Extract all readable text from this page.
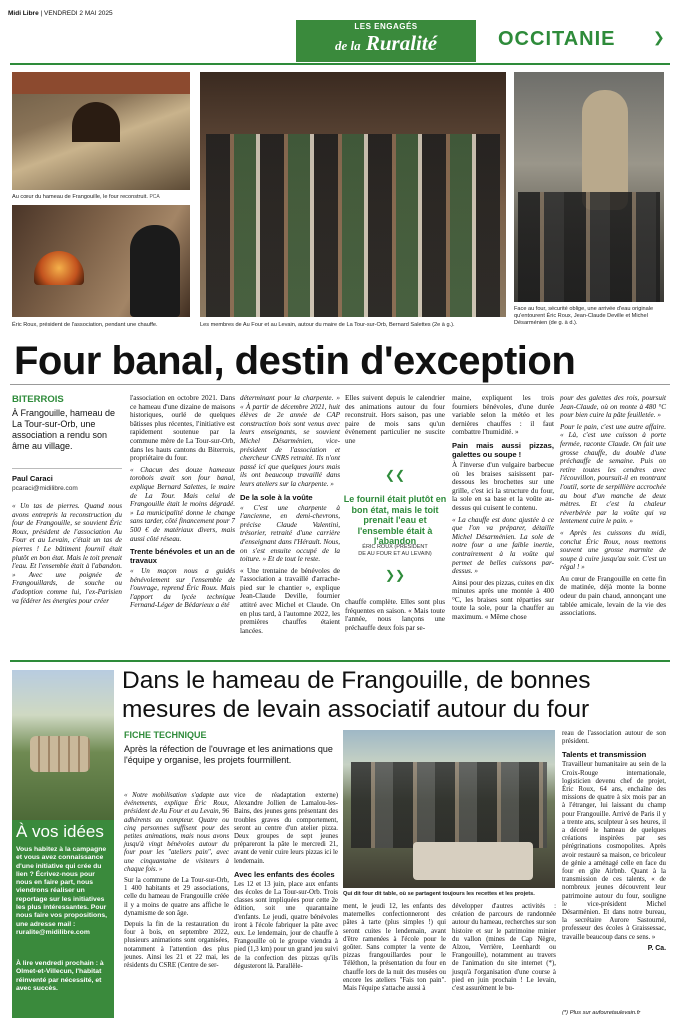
Midi Libre | VENDREDI 2 MAI 2025
LES ENGAGÉS
de la Ruralité	OCCITANIE	❯
Au cœur du hameau de Frangouille, le four reconstruit. PCA
Éric Roux, président de l'association, pendant une chauffe.	Les membres de Au Four et au Levain, autour du maire de La Tour-sur-Orb, Bernard Salettes (2e à g.).
Face au four, sécurité oblige, une arrivée d'eau originale qu'entourent Éric Roux, Jean-Claude Deville et Michel Désarménien (de g. à d.).
Four banal, destin d'exception
BITERROIS
À Frangouille, hameau de La Tour-sur-Orb, une association a rendu son âme au village.
Paul Caraci
pcaraci@midilibre.com

« Un tas de pierres. Quand nous avons entrepris la reconstruction du four de Frangouille, se souvient Éric Roux, président de l'association Au Four et au Levain, c'était un tas de pierres ! Le bâtiment fournil était plutôt en bon état. Mais le toit prenait l'eau. Et l'ensemble était à l'abandon. » Avec une poignée de Frangouillards, de souche ou d'adoption comme lui, l'ex-Parisien va fédérer les énergies pour créer

l'association en octobre 2021. Dans ce hameau d'une dizaine de maisons historiques, ourlé de quelques bâtisses plus récentes, l'initiative est rapidement soutenue par la commune mère de La Tour-sur-Orb, dans les hauts cantons du Biterrois, propriétaire du four.

« Chacun des douze hameaux torobois avait son four banal, explique Bernard Salettes, le maire de La Tour. Mais celui de Frangouille était le moins dégradé. » La municipalité donne le change sans tarder, côté financement pour 7 500 € de matériaux divers, mais aussi côté réseau.

Trente bénévoles et un an de travaux

« Un maçon nous a guidés bénévolement sur l'ensemble de l'ouvrage, reprend Éric Roux. Mais l'apport du lycée technique Fernand-Léger de Bédarieux a été

déterminant pour la charpente. » « À partir de décembre 2021, huit élèves de 2e année de CAP construction bois sont venus avec leurs enseignants, se souvient Michel Désarménien, vice-président de l'association et chercheur CNRS retraité. Ils n'ont passé ici que quelques jours mais ils ont beaucoup travaillé dans leurs ateliers sur la charpente. »

De la sole à la voûte

« C'est une charpente à l'ancienne, en demi-chevrons, précise Claude Valentini, trésorier, retraité d'une carrière d'enseignant dans l'Hérault. Nous, on s'est ensuite occupé de la toiture. » Et de tout le reste.

« Une trentaine de bénévoles de l'association a travaillé d'arrache-pied sur le chantier », explique Jean-Claude Deville, fournier attitré avec Michel et Claude. On en plus tard, à l'automne 2022, les premières chauffes étaient lancées.

Elles suivent depuis le calendrier des animations autour du four reconstruit. Hors saison, pas une paire de mois sans qu'un évènement particulier ne suscite une

❮❮
Le fournil était plutôt en bon état, mais le toit prenait l'eau et l'ensemble était à l'abandon
ÉRIC ROUX (PRÉSIDENT
DE AU FOUR ET AU LEVAIN)
❯❯

chauffe complète. Elles sont plus fréquentes en saison. « Mais toute l'année, nous lançons une préchauffe deux fois par se-

maine, expliquent les trois fourniers bénévoles, d'une durée variable selon la météo et les dernières chauffes : il faut combattre l'humidité. »

Pain mais aussi pizzas, galettes ou soupe !

À l'inverse d'un vulgaire barbecue où les braises saisissent par-dessous les brochettes sur une grille, c'est ici la structure du four, la sole en sa base et la voûte au-dessus qui cuisent le contenu.

« La chauffe est donc ajustée à ce que l'on va préparer, détaille Michel Désarménien. La sole de notre four a une faible inertie, contrairement à la voûte qui permet de belles cuissons par-dessus. »

Ainsi pour des pizzas, cuites en dix minutes après une montée à 400 °C, les braises sont réparties sur toute la sole, pour la chauffer au maximum. « Même chose

pour des galettes des rois, poursuit Jean-Claude, où on monte à 480 °C pour bien cuire la pâte feuilletée. »

Pour le pain, c'est une autre affaire. « Là, c'est une cuisson à porte fermée, raconte Claude. On fait une grosse chauffe, du double d'une préchauffe de semaine. Puis on retire toutes les cendres avec l'écouvillon, poursuit-il en montrant l'outil, sorte de serpillière accrochée au bout d'un manche de deux mètres. Et c'est la chaleur réverbérée par la voûte qui va lentement cuire le pain. »

« Après les cuissons du midi, conclut Éric Roux, nous mettons souvent une grosse marmite de soupe à cuire jusqu'au soir. C'est un régal ! »

Au cœur de Frangouille en cette fin de matinée, déjà monte la bonne odeur du pain chaud, annonçant une tablée amicale, levain de la vie des associations.

À vos idées
Vous habitez à la campagne et vous avez connaissance d'une initiative qui crée du lien ? Écrivez-nous pour nous en faire part, nous viendrons réaliser un reportage sur les initiatives les plus intéressantes. Pour nous faire vos propositions, une adresse mail : ruralite@midilibre.com
À lire vendredi prochain : à Olmet-et-Villecun, l'habitat réinventé par nécessité, et avec succès.
Dans le hameau de Frangouille, de bonnes mesures de levain associatif autour du four
FICHE TECHNIQUE
Après la réfection de l'ouvrage et les animations que l'équipe y organise, les projets fourmillent.

« Notre mobilisation s'adapte aux événements, explique Éric Roux, président de Au Four et au Levain, 96 adhérents au compteur. Quatre ou cinq personnes suffisent pour des petites animations, mais nous avons jusqu'à vingt bénévoles autour du four pour les "ateliers pain", avec une cinquantaine de visiteurs à chaque fois. »

Sur la commune de La Tour-sur-Orb, 1 400 habitants et 29 associations, celle du hameau de Frangouille créée il y a moins de quatre ans affiche le dynamisme de son âge.

Depuis la fin de la restauration du four à bois, en septembre 2022, plusieurs animations sont organisées, notamment à l'attention des plus jeunes. Ainsi les 21 et 22 mai, les résidents du CSRE (Centre de ser-

vice de réadaptation externe) Alexandre Jollien de Lamalou-les-Bains, des jeunes gens présentant des troubles graves du comportement, seront au centre d'un atelier pizza. Deux groupes de sept jeunes prépareront la pâte le mercredi 21, avant de venir cuire leurs pizzas ici le lendemain.

Avec les enfants des écoles

Les 12 et 13 juin, place aux enfants des écoles de La Tour-sur-Orb. Trois classes sont impliquées pour cette 2e édition, soit une quarantaine d'enfants. Le jeudi, quatre bénévoles iront à l'école fabriquer la pâte avec eux. Le lendemain, jour de chauffe à Frangouille où le groupe viendra à pied (1,3 km) pour un grand jeu suivi de la confection des pizzas qu'ils dégusteront là. Parallèle-

Qui dit four dit table, où se partagent toujours les recettes et les projets.

ment, le jeudi 12, les enfants des maternelles confectionneront des pâtes à tarte (plus simples !) qui seront cuites le lendemain, avant d'être ramenées à l'école pour le goûter. Sans compter la vente de pizzas frangouillardes pour le Téléthon, la présentation du four en chauffe lors de la nuit des musées ou encore les ateliers "Fais ton pain". Mais l'équipe s'attache aussi à

développer d'autres activités : création de parcours de randonnée autour du hameau, recherches sur son histoire et sur le patrimoine minier du vallon (mines de Cap Nègre, Alzou, Verrière, Leenhardt ou Frangouille), notamment au travers de l'animation du site internet (*), jusqu'à l'organisation d'une course à pied en juin prochain ! Le levain, c'est assurément le bu-

reau de l'association autour de son président.

Talents et transmission

Travailleur humanitaire au sein de la Croix-Rouge internationale, logisticien devenu chef de projet, Éric Roux, 64 ans, enchaîne des missions de quatre à six mois par an à l'étranger, lui laissant du champ pour Frangouille. Arrivé de Paris il y a trente ans, sculpteur à ses heures, il a décoré le hameau de quelques créations inspirées par ses pérégrinations cosmopolites. Après avoir restauré sa maison, ce bricoleur de génie a aménagé celle en face du four en gîte Airbnb. Quant à la transmission de ces talents, « de nombreux jeunes découvrent leur patrimoine autour du four, souligne le vice-président Michel Désarménien. Et dans notre bureau, la secrétaire Aurore Sastourné, professeur des écoles à Graissessac, travaille beaucoup dans ce sens. »

P. Ca.

(*) Plus sur aufouretaulevain.fr
